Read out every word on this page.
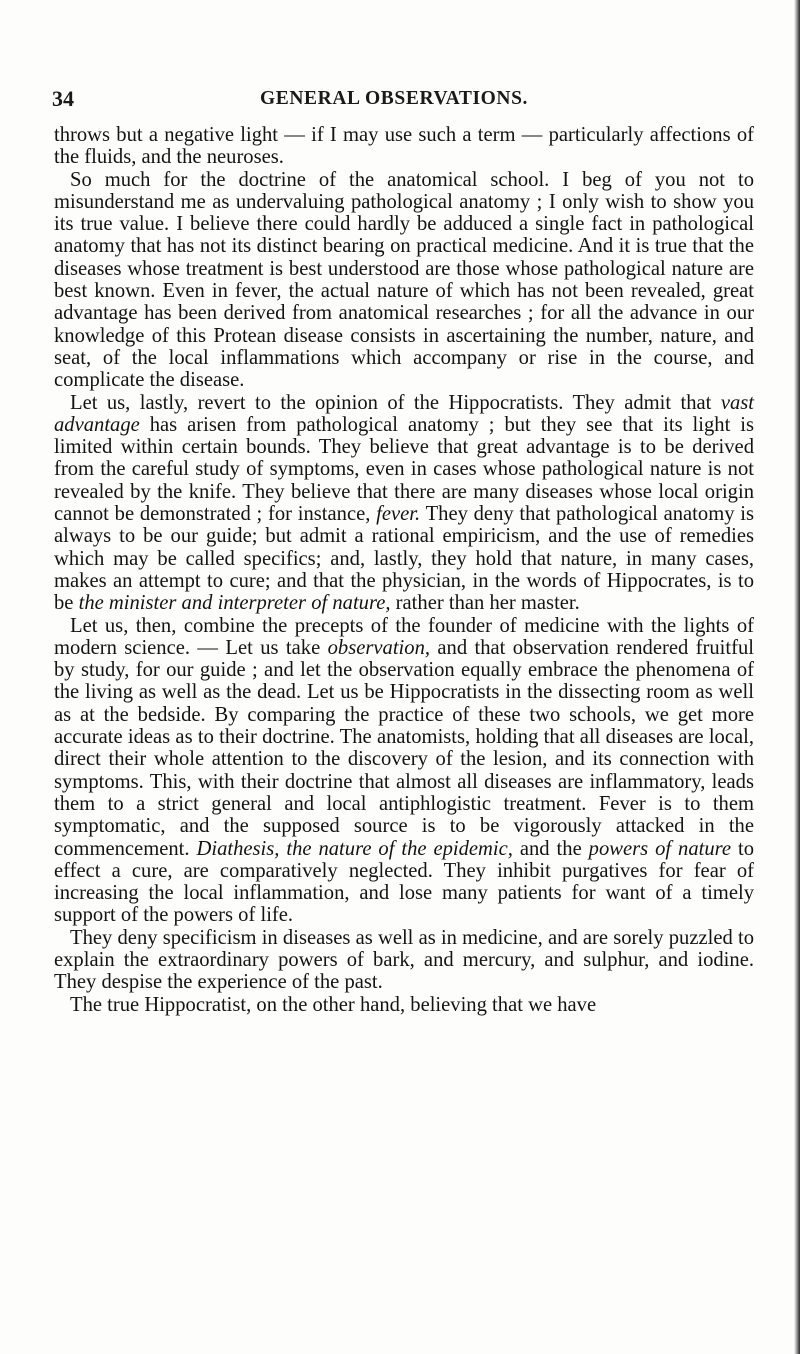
34	GENERAL OBSERVATIONS.

throws but a negative light — if I may use such a term — particularly affections of the fluids, and the neuroses.

So much for the doctrine of the anatomical school. I beg of you not to misunderstand me as undervaluing pathological anatomy ; I only wish to show you its true value. I believe there could hardly be adduced a single fact in pathological anatomy that has not its distinct bearing on practical medicine. And it is true that the diseases whose treatment is best understood are those whose pathological nature are best known. Even in fever, the actual nature of which has not been revealed, great advantage has been derived from anatomical researches ; for all the advance in our knowledge of this Protean disease consists in ascertaining the number, nature, and seat, of the local inflammations which accompany or rise in the course, and complicate the disease.

Let us, lastly, revert to the opinion of the Hippocratists. They admit that vast advantage has arisen from pathological anatomy ; but they see that its light is limited within certain bounds. They believe that great advantage is to be derived from the careful study of symptoms, even in cases whose pathological nature is not revealed by the knife. They believe that there are many diseases whose local origin cannot be demonstrated ; for instance, fever. They deny that pathological anatomy is always to be our guide; but admit a rational empiricism, and the use of remedies which may be called specifics; and, lastly, they hold that nature, in many cases, makes an attempt to cure; and that the physician, in the words of Hippocrates, is to be the minister and interpreter of nature, rather than her master.

Let us, then, combine the precepts of the founder of medicine with the lights of modern science. — Let us take observation, and that observation rendered fruitful by study, for our guide ; and let the observation equally embrace the phenomena of the living as well as the dead. Let us be Hippocratists in the dissecting room as well as at the bedside. By comparing the practice of these two schools, we get more accurate ideas as to their doctrine. The anatomists, holding that all diseases are local, direct their whole attention to the discovery of the lesion, and its connection with symptoms. This, with their doctrine that almost all diseases are inflammatory, leads them to a strict general and local antiphlogistic treatment. Fever is to them symptomatic, and the supposed source is to be vigorously attacked in the commencement. Diathesis, the nature of the epidemic, and the powers of nature to effect a cure, are comparatively neglected. They inhibit purgatives for fear of increasing the local inflammation, and lose many patients for want of a timely support of the powers of life.

They deny specificism in diseases as well as in medicine, and are sorely puzzled to explain the extraordinary powers of bark, and mercury, and sulphur, and iodine. They despise the experience of the past.

The true Hippocratist, on the other hand, believing that we have
